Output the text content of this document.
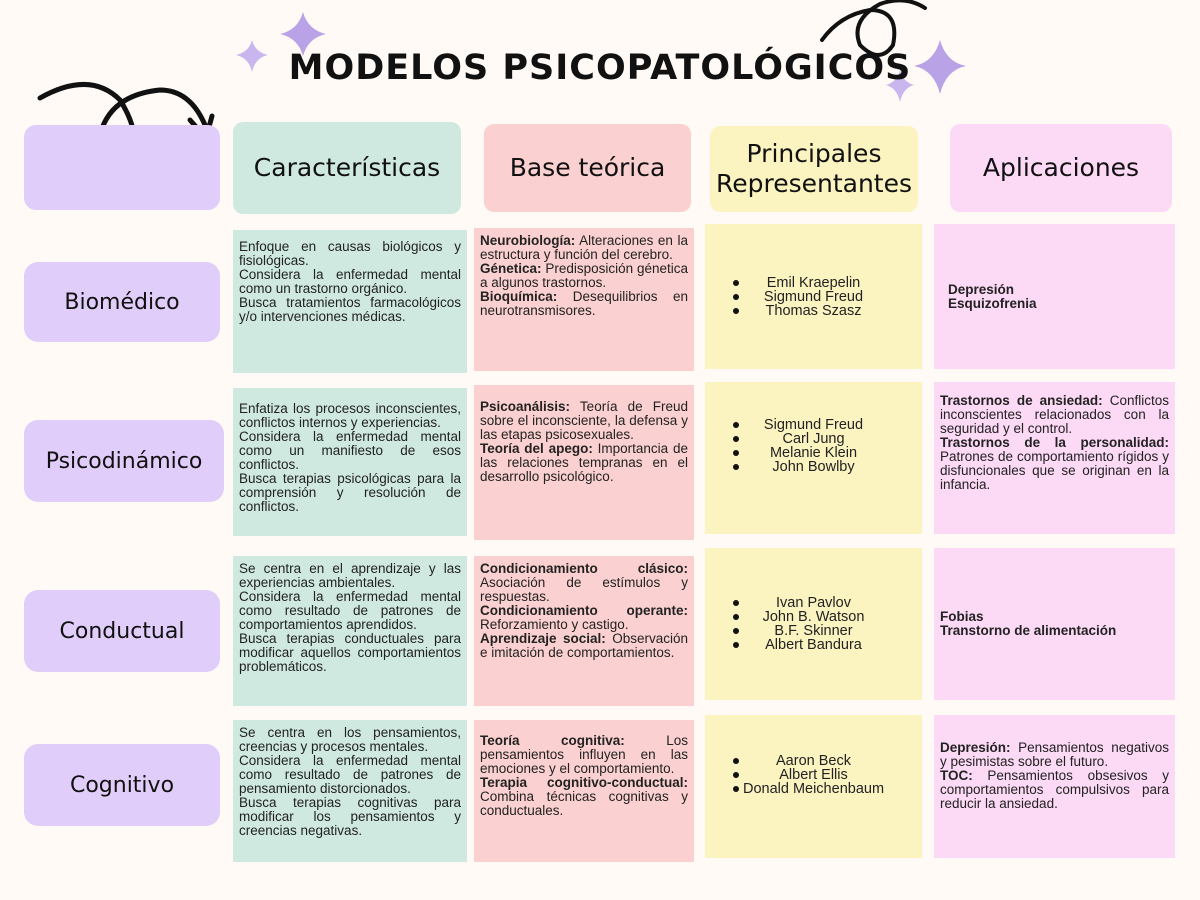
MODELOS PSICOPATOLÓGICOS
Características	Base teórica	Principales Representantes
Aplicaciones
Biomédico

Enfoque en causas biológicos y fisiológicas.

Considera la enfermedad mental como un trastorno orgánico.

Busca tratamientos farmacológicos y/o intervenciones médicas.

Neurobiología: Alteraciones en la estructura y función del cerebro.

Génetica: Predisposición génetica a algunos trastornos.

Bioquímica: Desequilibrios en neurotransmisores.

Emil Kraepelin
Sigmund Freud
Thomas Szasz

Depresión

Esquizofrenia

Psicodinámico

Enfatiza los procesos inconscientes, conflictos internos y experiencias.

Considera la enfermedad mental como un manifiesto de esos conflictos.

Busca terapias psicológicas para la comprensión y resolución de conflictos.

Psicoanálisis: Teoría de Freud sobre el inconsciente, la defensa y las etapas psicosexuales.

Teoría del apego: Importancia de las relaciones tempranas en el desarrollo psicológico.

Sigmund Freud
Carl Jung
Melanie Klein
John Bowlby

Trastornos de ansiedad: Conflictos inconscientes relacionados con la seguridad y el control.

Trastornos de la personalidad: Patrones de comportamiento rígidos y disfuncionales que se originan en la infancia.

Conductual

Se centra en el aprendizaje y las experiencias ambientales.

Considera la enfermedad mental como resultado de patrones de comportamientos aprendidos.

Busca terapias conductuales para modificar aquellos comportamientos problemáticos.

Condicionamiento clásico: Asociación de estímulos y respuestas.

Condicionamiento operante: Reforzamiento y castigo.

Aprendizaje social: Observación e imitación de comportamientos.

Ivan Pavlov
John B. Watson
B.F. Skinner
Albert Bandura

Fobias

Transtorno de alimentación

Cognitivo

Se centra en los pensamientos, creencias y procesos mentales.

Considera la enfermedad mental como resultado de patrones de pensamiento distorcionados.

Busca terapias cognitivas para modificar los pensamientos y creencias negativas.

Teoría cognitiva: Los pensamientos influyen en las emociones y el comportamiento.

Terapia cognitivo-conductual: Combina técnicas cognitivas y conductuales.

Aaron Beck
Albert Ellis
Donald Meichenbaum

Depresión: Pensamientos negativos y pesimistas sobre el futuro.

TOC: Pensamientos obsesivos y comportamientos compulsivos para reducir la ansiedad.
